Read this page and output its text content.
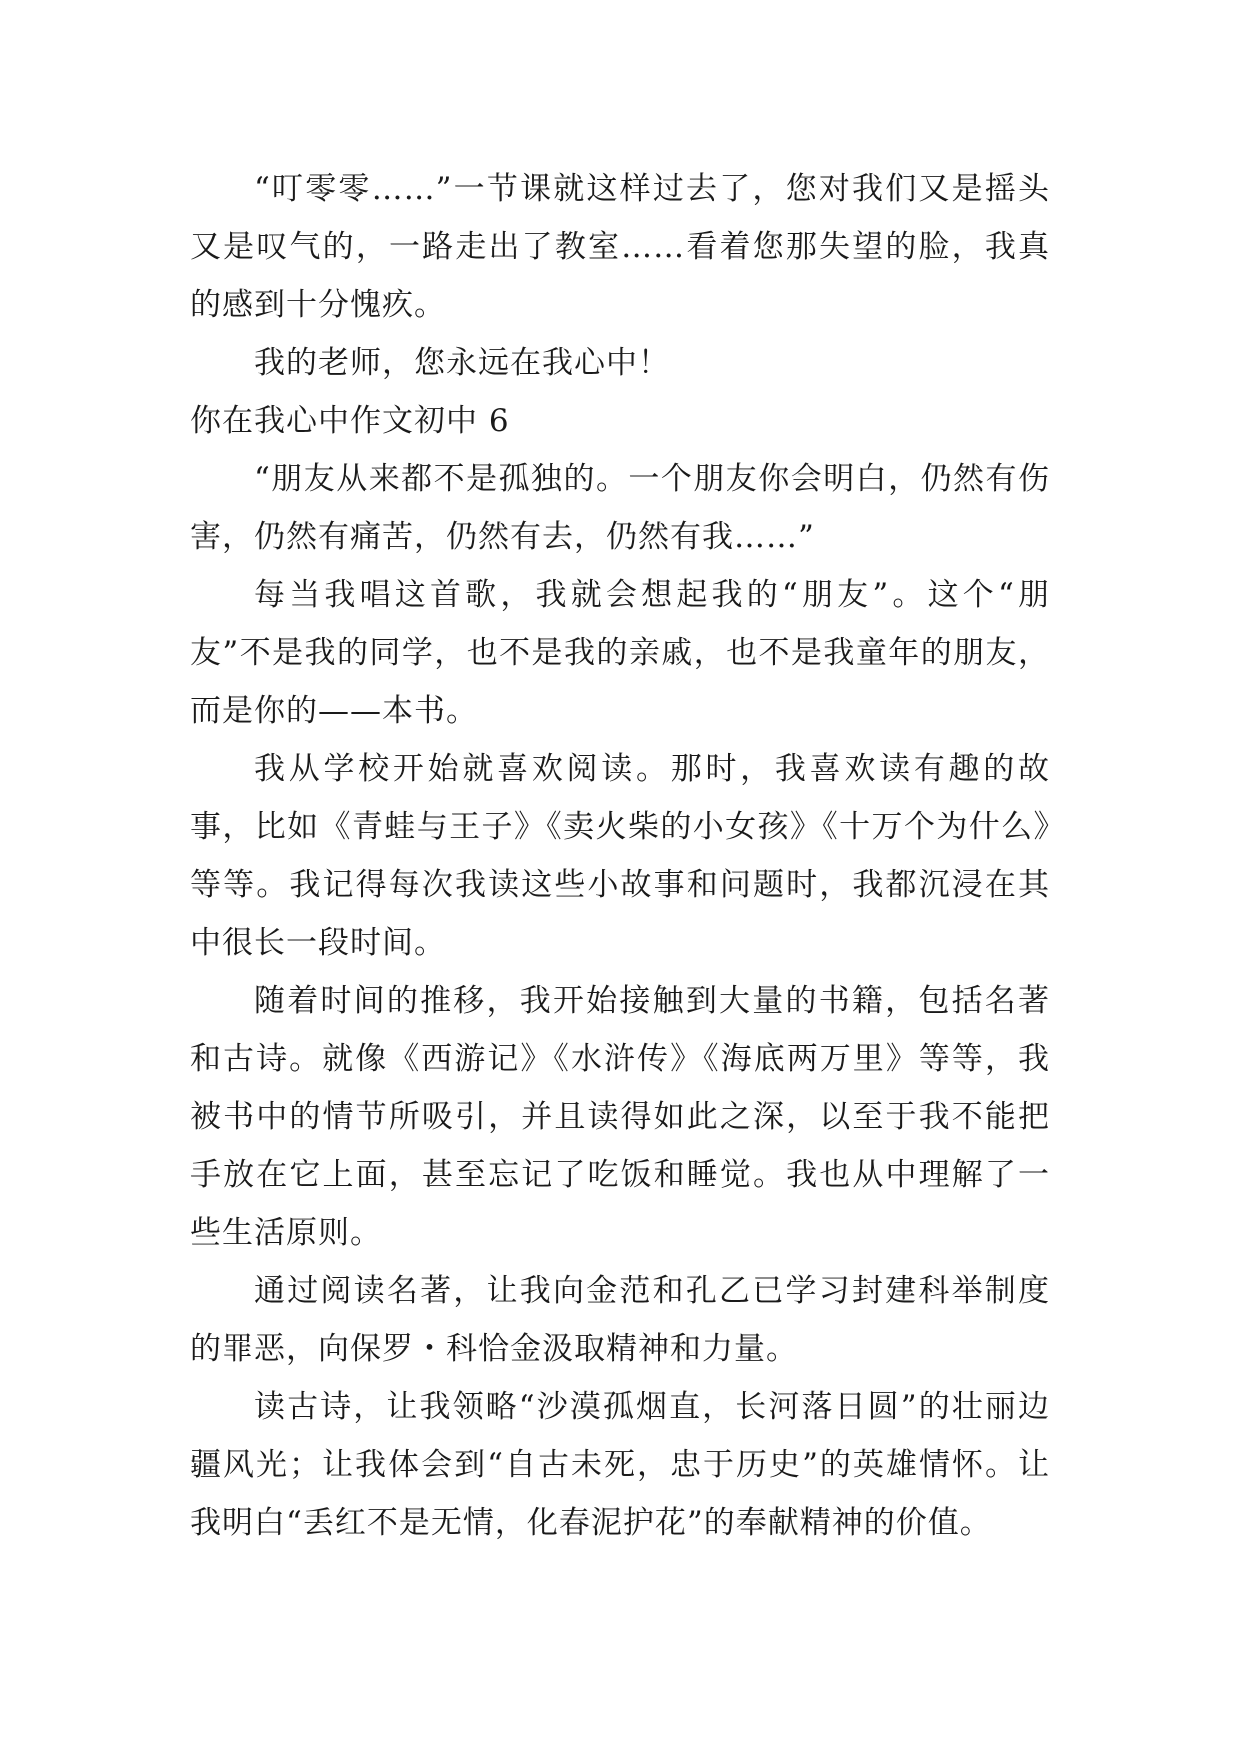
“叮零零……”一节课就这样过去了，您对我们又是摇头又是叹气的，一路走出了教室……看着您那失望的脸，我真的感到十分愧疚。

我的老师，您永远在我心中！

你在我心中作文初中 6

“朋友从来都不是孤独的。一个朋友你会明白，仍然有伤害，仍然有痛苦，仍然有去，仍然有我……”

每当我唱这首歌，我就会想起我的“朋友”。这个“朋友”不是我的同学，也不是我的亲戚，也不是我童年的朋友，而是你的——本书。

我从学校开始就喜欢阅读。那时，我喜欢读有趣的故事，比如《青蛙与王子》《卖火柴的小女孩》《十万个为什么》等等。我记得每次我读这些小故事和问题时，我都沉浸在其中很长一段时间。

随着时间的推移，我开始接触到大量的书籍，包括名著和古诗。就像《西游记》《水浒传》《海底两万里》等等，我被书中的情节所吸引，并且读得如此之深，以至于我不能把手放在它上面，甚至忘记了吃饭和睡觉。我也从中理解了一些生活原则。

通过阅读名著，让我向金范和孔乙已学习封建科举制度的罪恶，向保罗・科恰金汲取精神和力量。

读古诗，让我领略“沙漠孤烟直，长河落日圆”的壮丽边疆风光；让我体会到“自古未死，忠于历史”的英雄情怀。让我明白“丢红不是无情，化春泥护花”的奉献精神的价值。
